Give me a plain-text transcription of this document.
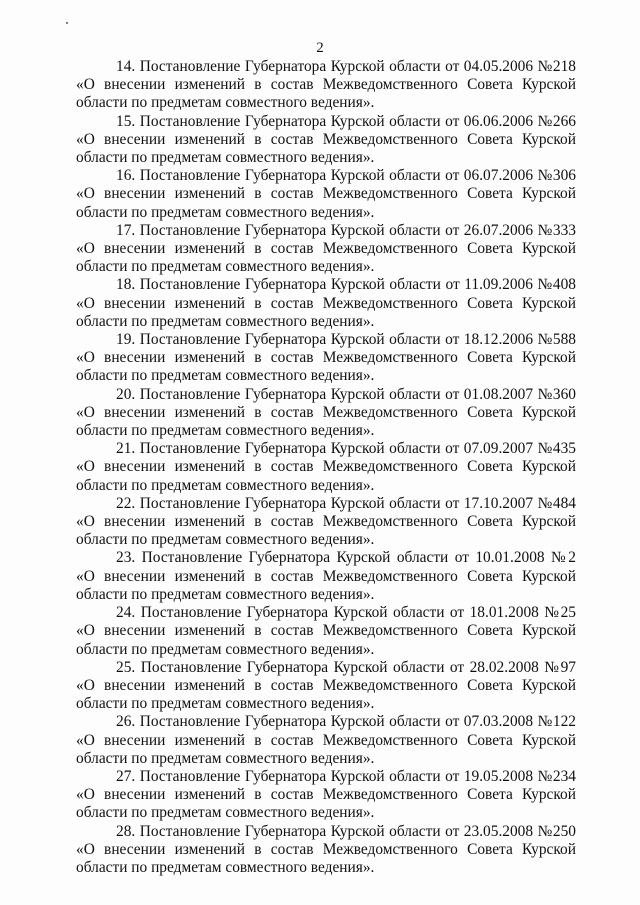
2

14. Постановление Губернатора Курской области от 04.05.2006 №218 «О внесении изменений в состав Межведомственного Совета Курской области по предметам совместного ведения».

15. Постановление Губернатора Курской области от 06.06.2006 №266 «О внесении изменений в состав Межведомственного Совета Курской области по предметам совместного ведения».

16. Постановление Губернатора Курской области от 06.07.2006 №306 «О внесении изменений в состав Межведомственного Совета Курской области по предметам совместного ведения».

17. Постановление Губернатора Курской области от 26.07.2006 №333 «О внесении изменений в состав Межведомственного Совета Курской области по предметам совместного ведения».

18. Постановление Губернатора Курской области от 11.09.2006 №408 «О внесении изменений в состав Межведомственного Совета Курской области по предметам совместного ведения».

19. Постановление Губернатора Курской области от 18.12.2006 №588 «О внесении изменений в состав Межведомственного Совета Курской области по предметам совместного ведения».

20. Постановление Губернатора Курской области от 01.08.2007 №360 «О внесении изменений в состав Межведомственного Совета Курской области по предметам совместного ведения».

21. Постановление Губернатора Курской области от 07.09.2007 №435 «О внесении изменений в состав Межведомственного Совета Курской области по предметам совместного ведения».

22. Постановление Губернатора Курской области от 17.10.2007 №484 «О внесении изменений в состав Межведомственного Совета Курской области по предметам совместного ведения».

23. Постановление Губернатора Курской области от 10.01.2008 №2 «О внесении изменений в состав Межведомственного Совета Курской области по предметам совместного ведения».

24. Постановление Губернатора Курской области от 18.01.2008 №25 «О внесении изменений в состав Межведомственного Совета Курской области по предметам совместного ведения».

25. Постановление Губернатора Курской области от 28.02.2008 №97 «О внесении изменений в состав Межведомственного Совета Курской области по предметам совместного ведения».

26. Постановление Губернатора Курской области от 07.03.2008 №122 «О внесении изменений в состав Межведомственного Совета Курской области по предметам совместного ведения».

27. Постановление Губернатора Курской области от 19.05.2008 №234 «О внесении изменений в состав Межведомственного Совета Курской области по предметам совместного ведения».

28. Постановление Губернатора Курской области от 23.05.2008 №250 «О внесении изменений в состав Межведомственного Совета Курской области по предметам совместного ведения».
